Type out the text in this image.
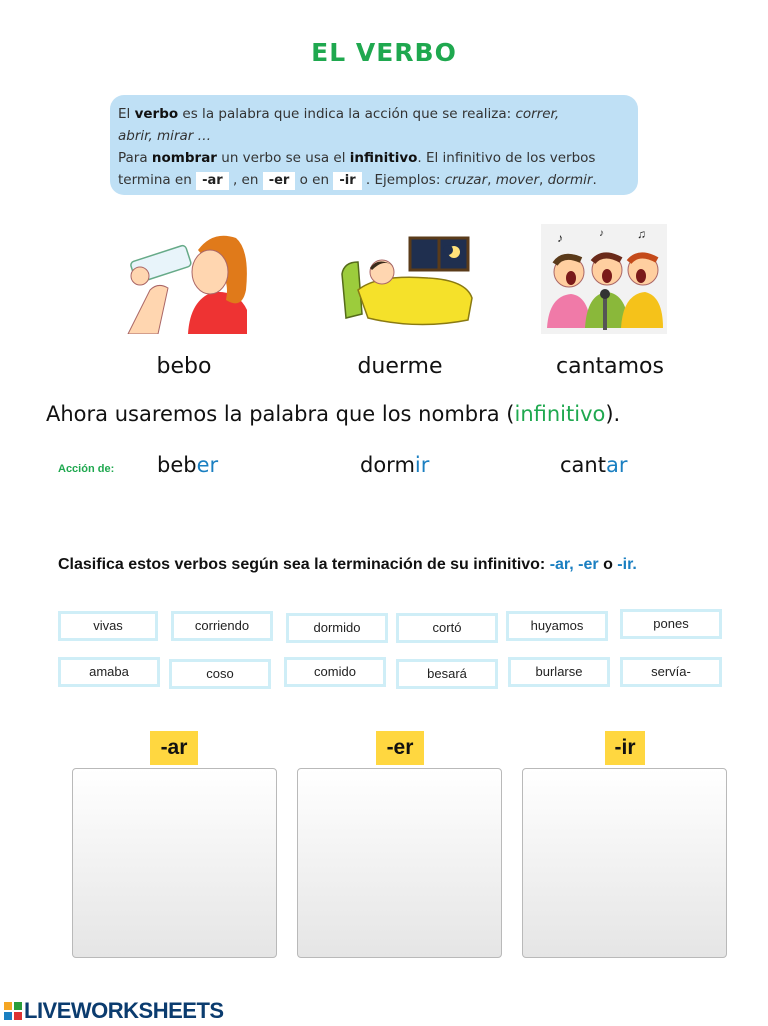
EL VERBO
El verbo es la palabra que indica la acción que se realiza: correr,
abrir, mirar …
Para nombrar un verbo se usa el infinitivo. El infinitivo de los verbos
termina en -ar , en -er o en -ir . Ejemplos: cruzar, mover, dormir.
♪	♫
♪
bebo	duerme	cantamos
Ahora usaremos la palabra que los nombra (infinitivo).
Acción de: beber	dormir	cantar
Clasifica estos verbos según sea la terminación de su infinitivo: -ar, -er o -ir.
vivas	corriendo	dormido	cortó	huyamos	pones
amaba	coso	comido	besará	burlarse	servía-
-ar	-er	-ir
LIVEWORKSHEETS
